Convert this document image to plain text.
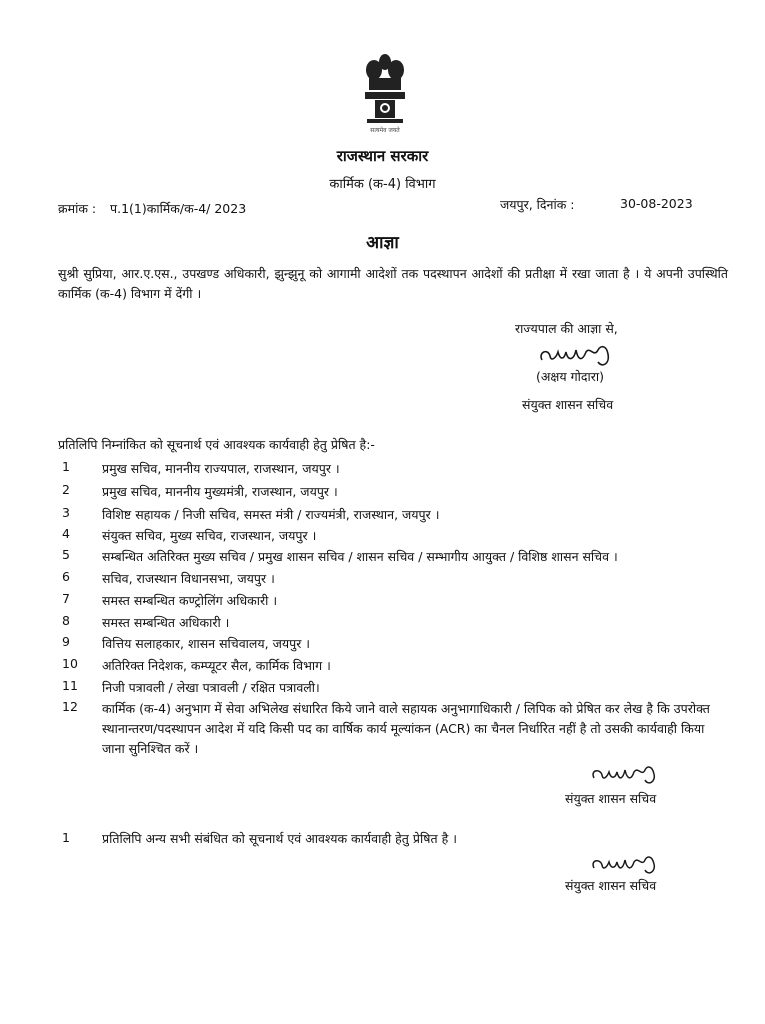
सत्यमेव जयते
राजस्थान सरकार
कार्मिक (क-4) विभाग
क्रमांक : प.1(1)कार्मिक/क-4/ 2023	जयपुर, दिनांक :	30-08-2023
आज्ञा
सुश्री सुप्रिया, आर.ए.एस., उपखण्ड अधिकारी, झुन्झुनू को आगामी आदेशों तक पदस्थापन आदेशों की प्रतीक्षा में रखा जाता है । ये अपनी उपस्थिति कार्मिक (क-4) विभाग में देंगी ।
राज्यपाल की आज्ञा से,
(अक्षय गोदारा)
संयुक्त शासन सचिव
प्रतिलिपि निम्नांकित को सूचनार्थ एवं आवश्यक कार्यवाही हेतु प्रेषित है:-
1	प्रमुख सचिव, माननीय राज्यपाल, राजस्थान, जयपुर ।
2	प्रमुख सचिव, माननीय मुख्यमंत्री, राजस्थान, जयपुर ।
3	विशिष्ट सहायक / निजी सचिव, समस्त मंत्री / राज्यमंत्री, राजस्थान, जयपुर ।
4	संयुक्त सचिव, मुख्य सचिव, राजस्थान, जयपुर ।
5	सम्बन्धित अतिरिक्त मुख्य सचिव / प्रमुख शासन सचिव / शासन सचिव / सम्भागीय आयुक्त / विशिष्ठ शासन सचिव ।
6	सचिव, राजस्थान विधानसभा, जयपुर ।
7	समस्त सम्बन्धित कण्ट्रोलिंग अधिकारी ।
8	समस्त सम्बन्धित अधिकारी ।
9	वित्तिय सलाहकार, शासन सचिवालय, जयपुर ।
10	अतिरिक्त निदेशक, कम्प्यूटर सैल, कार्मिक विभाग ।
11	निजी पत्रावली / लेखा पत्रावली / रक्षित पत्रावली।
12	कार्मिक (क-4) अनुभाग में सेवा अभिलेख संधारित किये जाने वाले सहायक अनुभागाधिकारी / लिपिक को प्रेषित कर लेख है कि उपरोक्त स्थानान्तरण/पदस्थापन आदेश में यदि किसी पद का वार्षिक कार्य मूल्यांकन (ACR) का चैनल निर्धारित नहीं है तो उसकी कार्यवाही किया जाना सुनिश्चित करें ।
संयुक्त शासन सचिव
1	प्रतिलिपि अन्य सभी संबंधित को सूचनार्थ एवं आवश्यक कार्यवाही हेतु प्रेषित है ।
संयुक्त शासन सचिव
